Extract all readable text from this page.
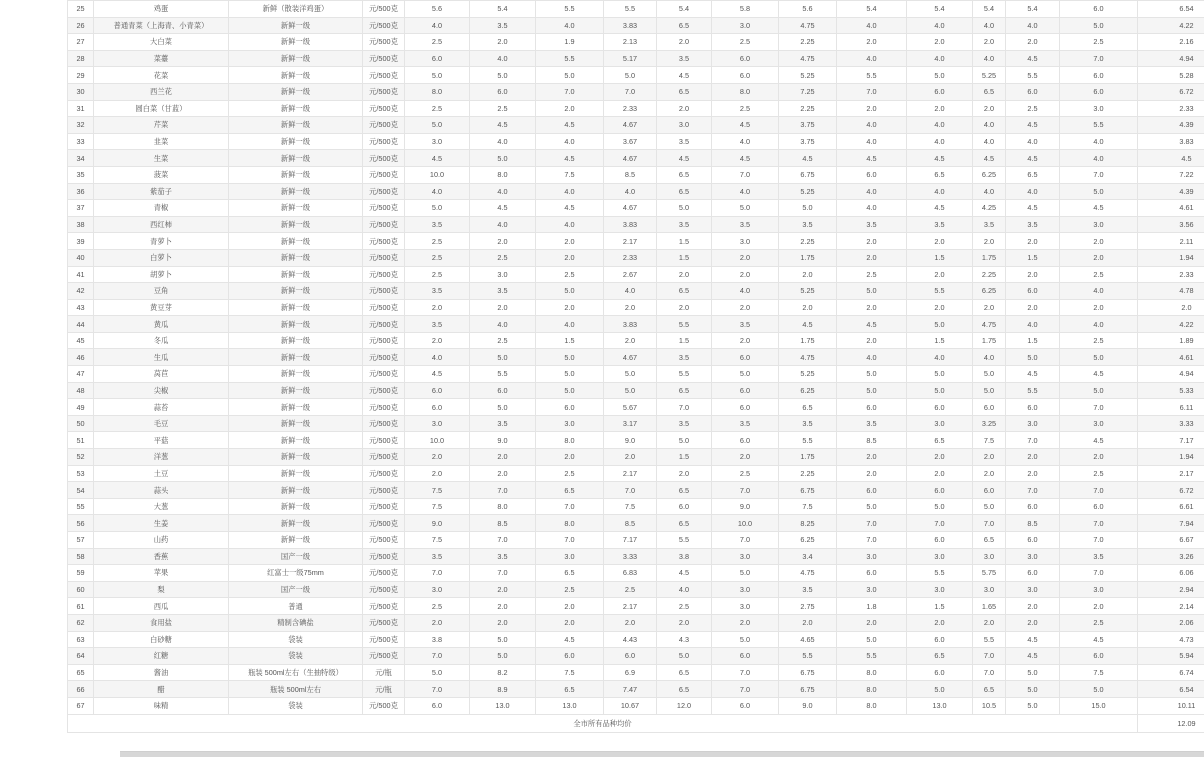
25	鸡蛋	新鲜（散装洋鸡蛋）	元/500克	5.6	5.4	5.5	5.5	5.4	5.8	5.6	5.4	5.4	5.4	5.4	6.0	6.54
26	普通青菜（上海青、小青菜）	新鲜一级	元/500克	4.0	3.5	4.0	3.83	6.5	3.0	4.75	4.0	4.0	4.0	4.0	5.0	4.22
27	大白菜	新鲜一级	元/500克	2.5	2.0	1.9	2.13	2.0	2.5	2.25	2.0	2.0	2.0	2.0	2.5	2.16
28	菜薹	新鲜一级	元/500克	6.0	4.0	5.5	5.17	3.5	6.0	4.75	4.0	4.0	4.0	4.5	7.0	4.94
29	花菜	新鲜一级	元/500克	5.0	5.0	5.0	5.0	4.5	6.0	5.25	5.5	5.0	5.25	5.5	6.0	5.28
30	西兰花	新鲜一级	元/500克	8.0	6.0	7.0	7.0	6.5	8.0	7.25	7.0	6.0	6.5	6.0	6.0	6.72
31	圆白菜（甘蓝）	新鲜一级	元/500克	2.5	2.5	2.0	2.33	2.0	2.5	2.25	2.0	2.0	2.0	2.5	3.0	2.33
32	芹菜	新鲜一级	元/500克	5.0	4.5	4.5	4.67	3.0	4.5	3.75	4.0	4.0	4.0	4.5	5.5	4.39
33	韭菜	新鲜一级	元/500克	3.0	4.0	4.0	3.67	3.5	4.0	3.75	4.0	4.0	4.0	4.0	4.0	3.83
34	生菜	新鲜一级	元/500克	4.5	5.0	4.5	4.67	4.5	4.5	4.5	4.5	4.5	4.5	4.5	4.0	4.5
35	菠菜	新鲜一级	元/500克	10.0	8.0	7.5	8.5	6.5	7.0	6.75	6.0	6.5	6.25	6.5	7.0	7.22
36	紫茄子	新鲜一级	元/500克	4.0	4.0	4.0	4.0	6.5	4.0	5.25	4.0	4.0	4.0	4.0	5.0	4.39
37	青椒	新鲜一级	元/500克	5.0	4.5	4.5	4.67	5.0	5.0	5.0	4.0	4.5	4.25	4.5	4.5	4.61
38	西红柿	新鲜一级	元/500克	3.5	4.0	4.0	3.83	3.5	3.5	3.5	3.5	3.5	3.5	3.5	3.0	3.56
39	青萝卜	新鲜一级	元/500克	2.5	2.0	2.0	2.17	1.5	3.0	2.25	2.0	2.0	2.0	2.0	2.0	2.11
40	白萝卜	新鲜一级	元/500克	2.5	2.5	2.0	2.33	1.5	2.0	1.75	2.0	1.5	1.75	1.5	2.0	1.94
41	胡萝卜	新鲜一级	元/500克	2.5	3.0	2.5	2.67	2.0	2.0	2.0	2.5	2.0	2.25	2.0	2.5	2.33
42	豆角	新鲜一级	元/500克	3.5	3.5	5.0	4.0	6.5	4.0	5.25	5.0	5.5	6.25	6.0	4.0	4.78
43	黄豆芽	新鲜一级	元/500克	2.0	2.0	2.0	2.0	2.0	2.0	2.0	2.0	2.0	2.0	2.0	2.0	2.0
44	黄瓜	新鲜一级	元/500克	3.5	4.0	4.0	3.83	5.5	3.5	4.5	4.5	5.0	4.75	4.0	4.0	4.22
45	冬瓜	新鲜一级	元/500克	2.0	2.5	1.5	2.0	1.5	2.0	1.75	2.0	1.5	1.75	1.5	2.5	1.89
46	生瓜	新鲜一级	元/500克	4.0	5.0	5.0	4.67	3.5	6.0	4.75	4.0	4.0	4.0	5.0	5.0	4.61
47	莴苣	新鲜一级	元/500克	4.5	5.5	5.0	5.0	5.5	5.0	5.25	5.0	5.0	5.0	4.5	4.5	4.94
48	尖椒	新鲜一级	元/500克	6.0	6.0	5.0	5.0	6.5	6.0	6.25	5.0	5.0	5.0	5.5	5.0	5.33
49	蒜苔	新鲜一级	元/500克	6.0	5.0	6.0	5.67	7.0	6.0	6.5	6.0	6.0	6.0	6.0	7.0	6.11
50	毛豆	新鲜一级	元/500克	3.0	3.5	3.0	3.17	3.5	3.5	3.5	3.5	3.0	3.25	3.0	3.0	3.33
51	平菇	新鲜一级	元/500克	10.0	9.0	8.0	9.0	5.0	6.0	5.5	8.5	6.5	7.5	7.0	4.5	7.17
52	洋葱	新鲜一级	元/500克	2.0	2.0	2.0	2.0	1.5	2.0	1.75	2.0	2.0	2.0	2.0	2.0	1.94
53	土豆	新鲜一级	元/500克	2.0	2.0	2.5	2.17	2.0	2.5	2.25	2.0	2.0	2.0	2.0	2.5	2.17
54	蒜头	新鲜一级	元/500克	7.5	7.0	6.5	7.0	6.5	7.0	6.75	6.0	6.0	6.0	7.0	7.0	6.72
55	大葱	新鲜一级	元/500克	7.5	8.0	7.0	7.5	6.0	9.0	7.5	5.0	5.0	5.0	6.0	6.0	6.61
56	生姜	新鲜一级	元/500克	9.0	8.5	8.0	8.5	6.5	10.0	8.25	7.0	7.0	7.0	8.5	7.0	7.94
57	山药	新鲜一级	元/500克	7.5	7.0	7.0	7.17	5.5	7.0	6.25	7.0	6.0	6.5	6.0	7.0	6.67
58	香蕉	国产一级	元/500克	3.5	3.5	3.0	3.33	3.8	3.0	3.4	3.0	3.0	3.0	3.0	3.5	3.26
59	苹果	红富士一级75mm	元/500克	7.0	7.0	6.5	6.83	4.5	5.0	4.75	6.0	5.5	5.75	6.0	7.0	6.06
60	梨	国产一级	元/500克	3.0	2.0	2.5	2.5	4.0	3.0	3.5	3.0	3.0	3.0	3.0	3.0	2.94
61	西瓜	普通	元/500克	2.5	2.0	2.0	2.17	2.5	3.0	2.75	1.8	1.5	1.65	2.0	2.0	2.14
62	食用盐	精制含碘盐	元/500克	2.0	2.0	2.0	2.0	2.0	2.0	2.0	2.0	2.0	2.0	2.0	2.5	2.06
63	白砂糖	袋装	元/500克	3.8	5.0	4.5	4.43	4.3	5.0	4.65	5.0	6.0	5.5	4.5	4.5	4.73
64	红糖	袋装	元/500克	7.0	5.0	6.0	6.0	5.0	6.0	5.5	5.5	6.5	7.0	4.5	6.0	5.94
65	酱油	瓶装 500ml左右（生抽特级）	元/瓶	5.0	8.2	7.5	6.9	6.5	7.0	6.75	8.0	6.0	7.0	5.0	7.5	6.74
66	醋	瓶装 500ml左右	元/瓶	7.0	8.9	6.5	7.47	6.5	7.0	6.75	8.0	5.0	6.5	5.0	5.0	6.54
67	味精	袋装	元/500克	6.0	13.0	13.0	10.67	12.0	6.0	9.0	8.0	13.0	10.5	5.0	15.0	10.11
全市所有品种均价																12.09
